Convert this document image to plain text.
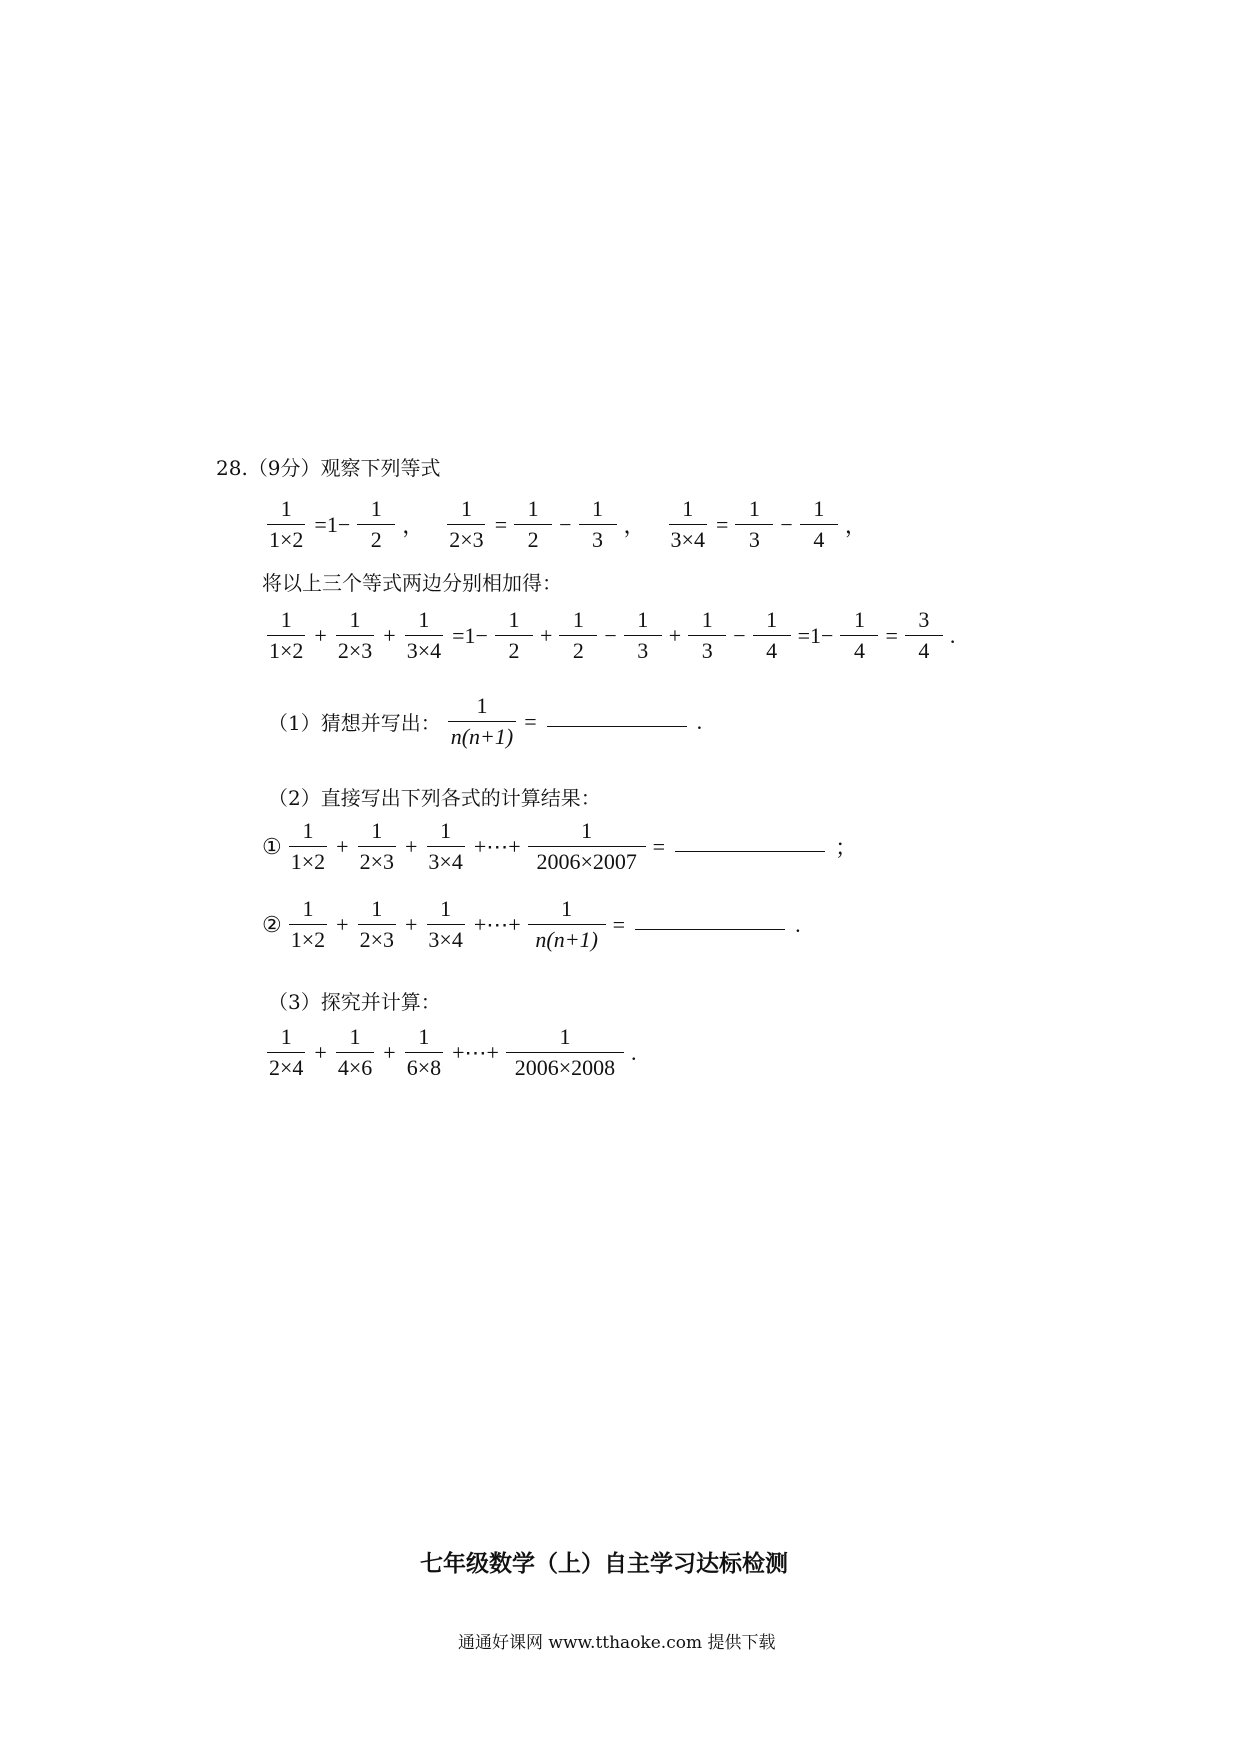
28.（9分）观察下列等式
$\frac{1}{1\times 2} =1- \frac{1}{2}$ ， $\frac{1}{2\times 3} = \frac{1}{2} - \frac{1}{3}$ ， $\frac{1}{3\times 4} = \frac{1}{3} - \frac{1}{4}$ ，
将以上三个等式两边分别相加得：
$\frac{1}{1\times 2} + \frac{1}{2\times 3} + \frac{1}{3\times 4} =1- \frac{1}{2} + \frac{1}{2} - \frac{1}{3} + \frac{1}{3} - \frac{1}{4} =1- \frac{1}{4} = \frac{3}{4}$ .
（1）猜想并写出： $\frac{1}{n(n+1)}$ =	.
（2）直接写出下列各式的计算结果：
① $\frac{1}{1\times 2} + \frac{1}{2\times 3} + \frac{1}{3\times 4}$ +⋯+ $\frac{1}{2006\times 2007}$ =	；
② $\frac{1}{1\times 2} + \frac{1}{2\times 3} + \frac{1}{3\times 4}$ +⋯+ $\frac{1}{n(n+1)}$ =	.
（3）探究并计算：
$\frac{1}{2\times 4} + \frac{1}{4\times 6} + \frac{1}{6\times 8}$ +⋯+ $\frac{1}{2006\times 2008}$ .
七年级数学（上）自主学习达标检测
通通好课网 www.tthaoke.com 提供下载
